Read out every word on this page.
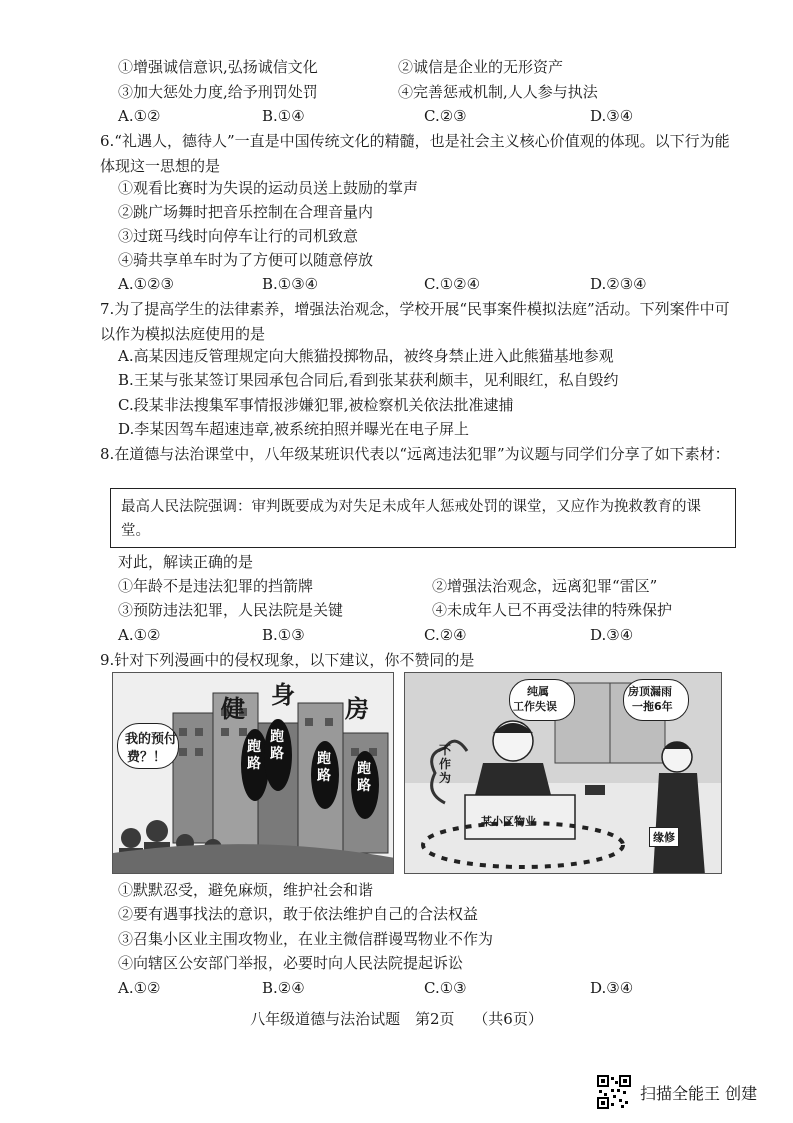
①增强诚信意识,弘扬诚信文化	②诚信是企业的无形资产
③加大惩处力度,给予刑罚处罚	④完善惩戒机制,人人参与执法
A.①②	B.①④	C.②③	D.③④
6.“礼遇人，德待人”一直是中国传统文化的精髓，也是社会主义核心价值观的体现。以下行为能体现这一思想的是
①观看比赛时为失误的运动员送上鼓励的掌声
②跳广场舞时把音乐控制在合理音量内
③过斑马线时向停车让行的司机致意
④骑共享单车时为了方便可以随意停放
A.①②③	B.①③④	C.①②④	D.②③④
7.为了提高学生的法律素养，增强法治观念，学校开展“民事案件模拟法庭”活动。下列案件中可以作为模拟法庭使用的是
A.高某因违反管理规定向大熊猫投掷物品，被终身禁止进入此熊猫基地参观
B.王某与张某签订果园承包合同后,看到张某获利颇丰，见利眼红，私自毁约
C.段某非法搜集军事情报涉嫌犯罪,被检察机关依法批准逮捕
D.李某因驾车超速违章,被系统拍照并曝光在电子屏上
8.在道德与法治课堂中，八年级某班识代表以“远离违法犯罪”为议题与同学们分享了如下素材：
最高人民法院强调：审判既要成为对失足未成年人惩戒处罚的课堂，又应作为挽救教育的课堂。
对此，解读正确的是
①年龄不是违法犯罪的挡箭牌	②增强法治观念，远离犯罪“雷区”
③预防违法犯罪，人民法院是关键	④未成年人已不再受法律的特殊保护
A.①②	B.①③	C.②④	D.③④
9.针对下列漫画中的侵权现象，以下建议，你不赞同的是
健 身 房
我的预付
费？！
跑
路
跑
路 跑
路 跑
路
纯属
工作失误
房顶漏雨
一拖6年
不
作
为
某小区物业
缘修
①默默忍受，避免麻烦，维护社会和谐
②要有遇事找法的意识，敢于依法维护自己的合法权益
③召集小区业主围攻物业，在业主微信群谩骂物业不作为
④向辖区公安部门举报，必要时向人民法院提起诉讼
A.①②	B.②④	C.①③	D.③④
八年级道德与法治试题 第2页 （共6页）
扫描全能王 创建
